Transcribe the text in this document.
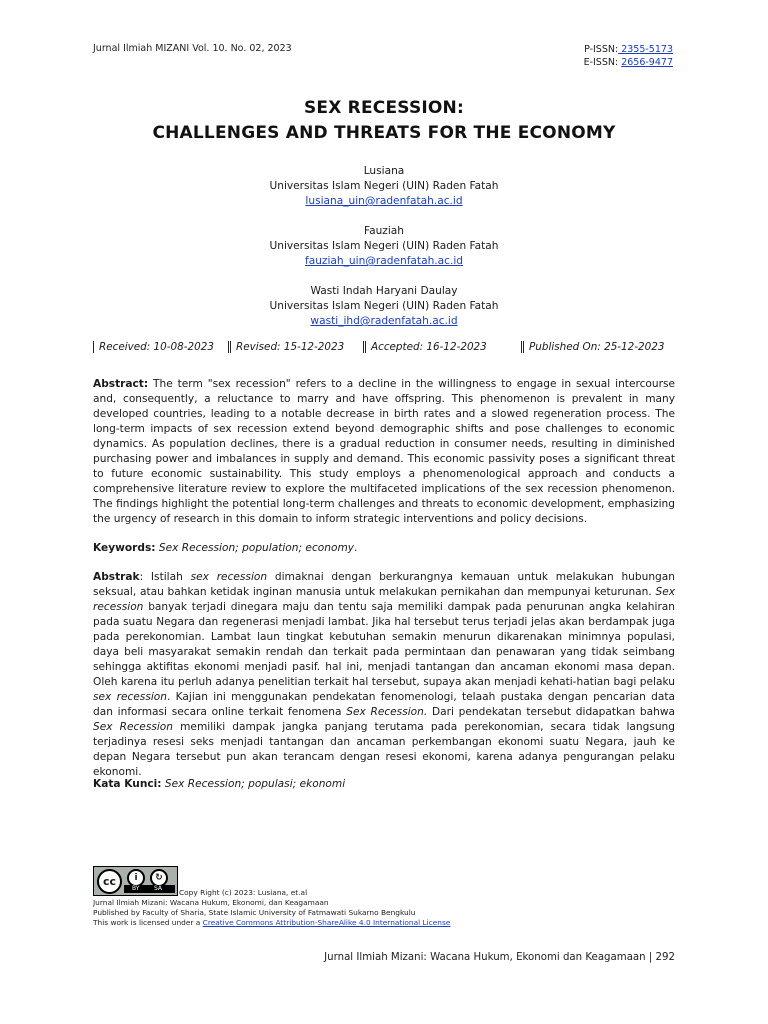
Jurnal Ilmiah MIZANI Vol. 10. No. 02, 2023	P-ISSN: 2355-5173
E-ISSN: 2656-9477
SEX RECESSION:
CHALLENGES AND THREATS FOR THE ECONOMY
Lusiana
Universitas Islam Negeri (UIN) Raden Fatah
lusiana_uin@radenfatah.ac.id
Fauziah
Universitas Islam Negeri (UIN) Raden Fatah
fauziah_uin@radenfatah.ac.id
Wasti Indah Haryani Daulay
Universitas Islam Negeri (UIN) Raden Fatah
wasti_ihd@radenfatah.ac.id
Received: 10-08-2023	Revised: 15-12-2023	Accepted: 16-12-2023	Published On: 25-12-2023
Abstract: The term "sex recession" refers to a decline in the willingness to engage in sexual intercourse and, consequently, a reluctance to marry and have offspring. This phenomenon is prevalent in many developed countries, leading to a notable decrease in birth rates and a slowed regeneration process. The long-term impacts of sex recession extend beyond demographic shifts and pose challenges to economic dynamics. As population declines, there is a gradual reduction in consumer needs, resulting in diminished purchasing power and imbalances in supply and demand. This economic passivity poses a significant threat to future economic sustainability. This study employs a phenomenological approach and conducts a comprehensive literature review to explore the multifaceted implications of the sex recession phenomenon. The findings highlight the potential long-term challenges and threats to economic development, emphasizing the urgency of research in this domain to inform strategic interventions and policy decisions.
Keywords: Sex Recession; population; economy.
Abstrak: Istilah sex recession dimaknai dengan berkurangnya kemauan untuk melakukan hubungan seksual, atau bahkan ketidak inginan manusia untuk melakukan pernikahan dan mempunyai keturunan. Sex recession banyak terjadi dinegara maju dan tentu saja memiliki dampak pada penurunan angka kelahiran pada suatu Negara dan regenerasi menjadi lambat. Jika hal tersebut terus terjadi jelas akan berdampak juga pada perekonomian. Lambat laun tingkat kebutuhan semakin menurun dikarenakan minimnya populasi, daya beli masyarakat semakin rendah dan terkait pada permintaan dan penawaran yang tidak seimbang sehingga aktifitas ekonomi menjadi pasif. hal ini, menjadi tantangan dan ancaman ekonomi masa depan. Oleh karena itu perluh adanya penelitian terkait hal tersebut, supaya akan menjadi kehati-hatian bagi pelaku sex recession. Kajian ini menggunakan pendekatan fenomenologi, telaah pustaka dengan pencarian data dan informasi secara online terkait fenomena Sex Recession. Dari pendekatan tersebut didapatkan bahwa Sex Recession memiliki dampak jangka panjang terutama pada perekonomian, secara tidak langsung terjadinya resesi seks menjadi tantangan dan ancaman perkembangan ekonomi suatu Negara, jauh ke depan Negara tersebut pun akan terancam dengan resesi ekonomi, karena adanya pengurangan pelaku ekonomi.
Kata Kunci: Sex Recession; populasi; ekonomi
cc	i	↻
BY SA Copy Right (c) 2023: Lusiana, et.al
Jurnal Ilmiah Mizani: Wacana Hukum, Ekonomi, dan Keagamaan
Published by Faculty of Sharia, State Islamic University of Fatmawati Sukarno Bengkulu
This work is licensed under a Creative Commons Attribution-ShareAlike 4.0 International License
Jurnal Ilmiah Mizani: Wacana Hukum, Ekonomi dan Keagamaan | 292
